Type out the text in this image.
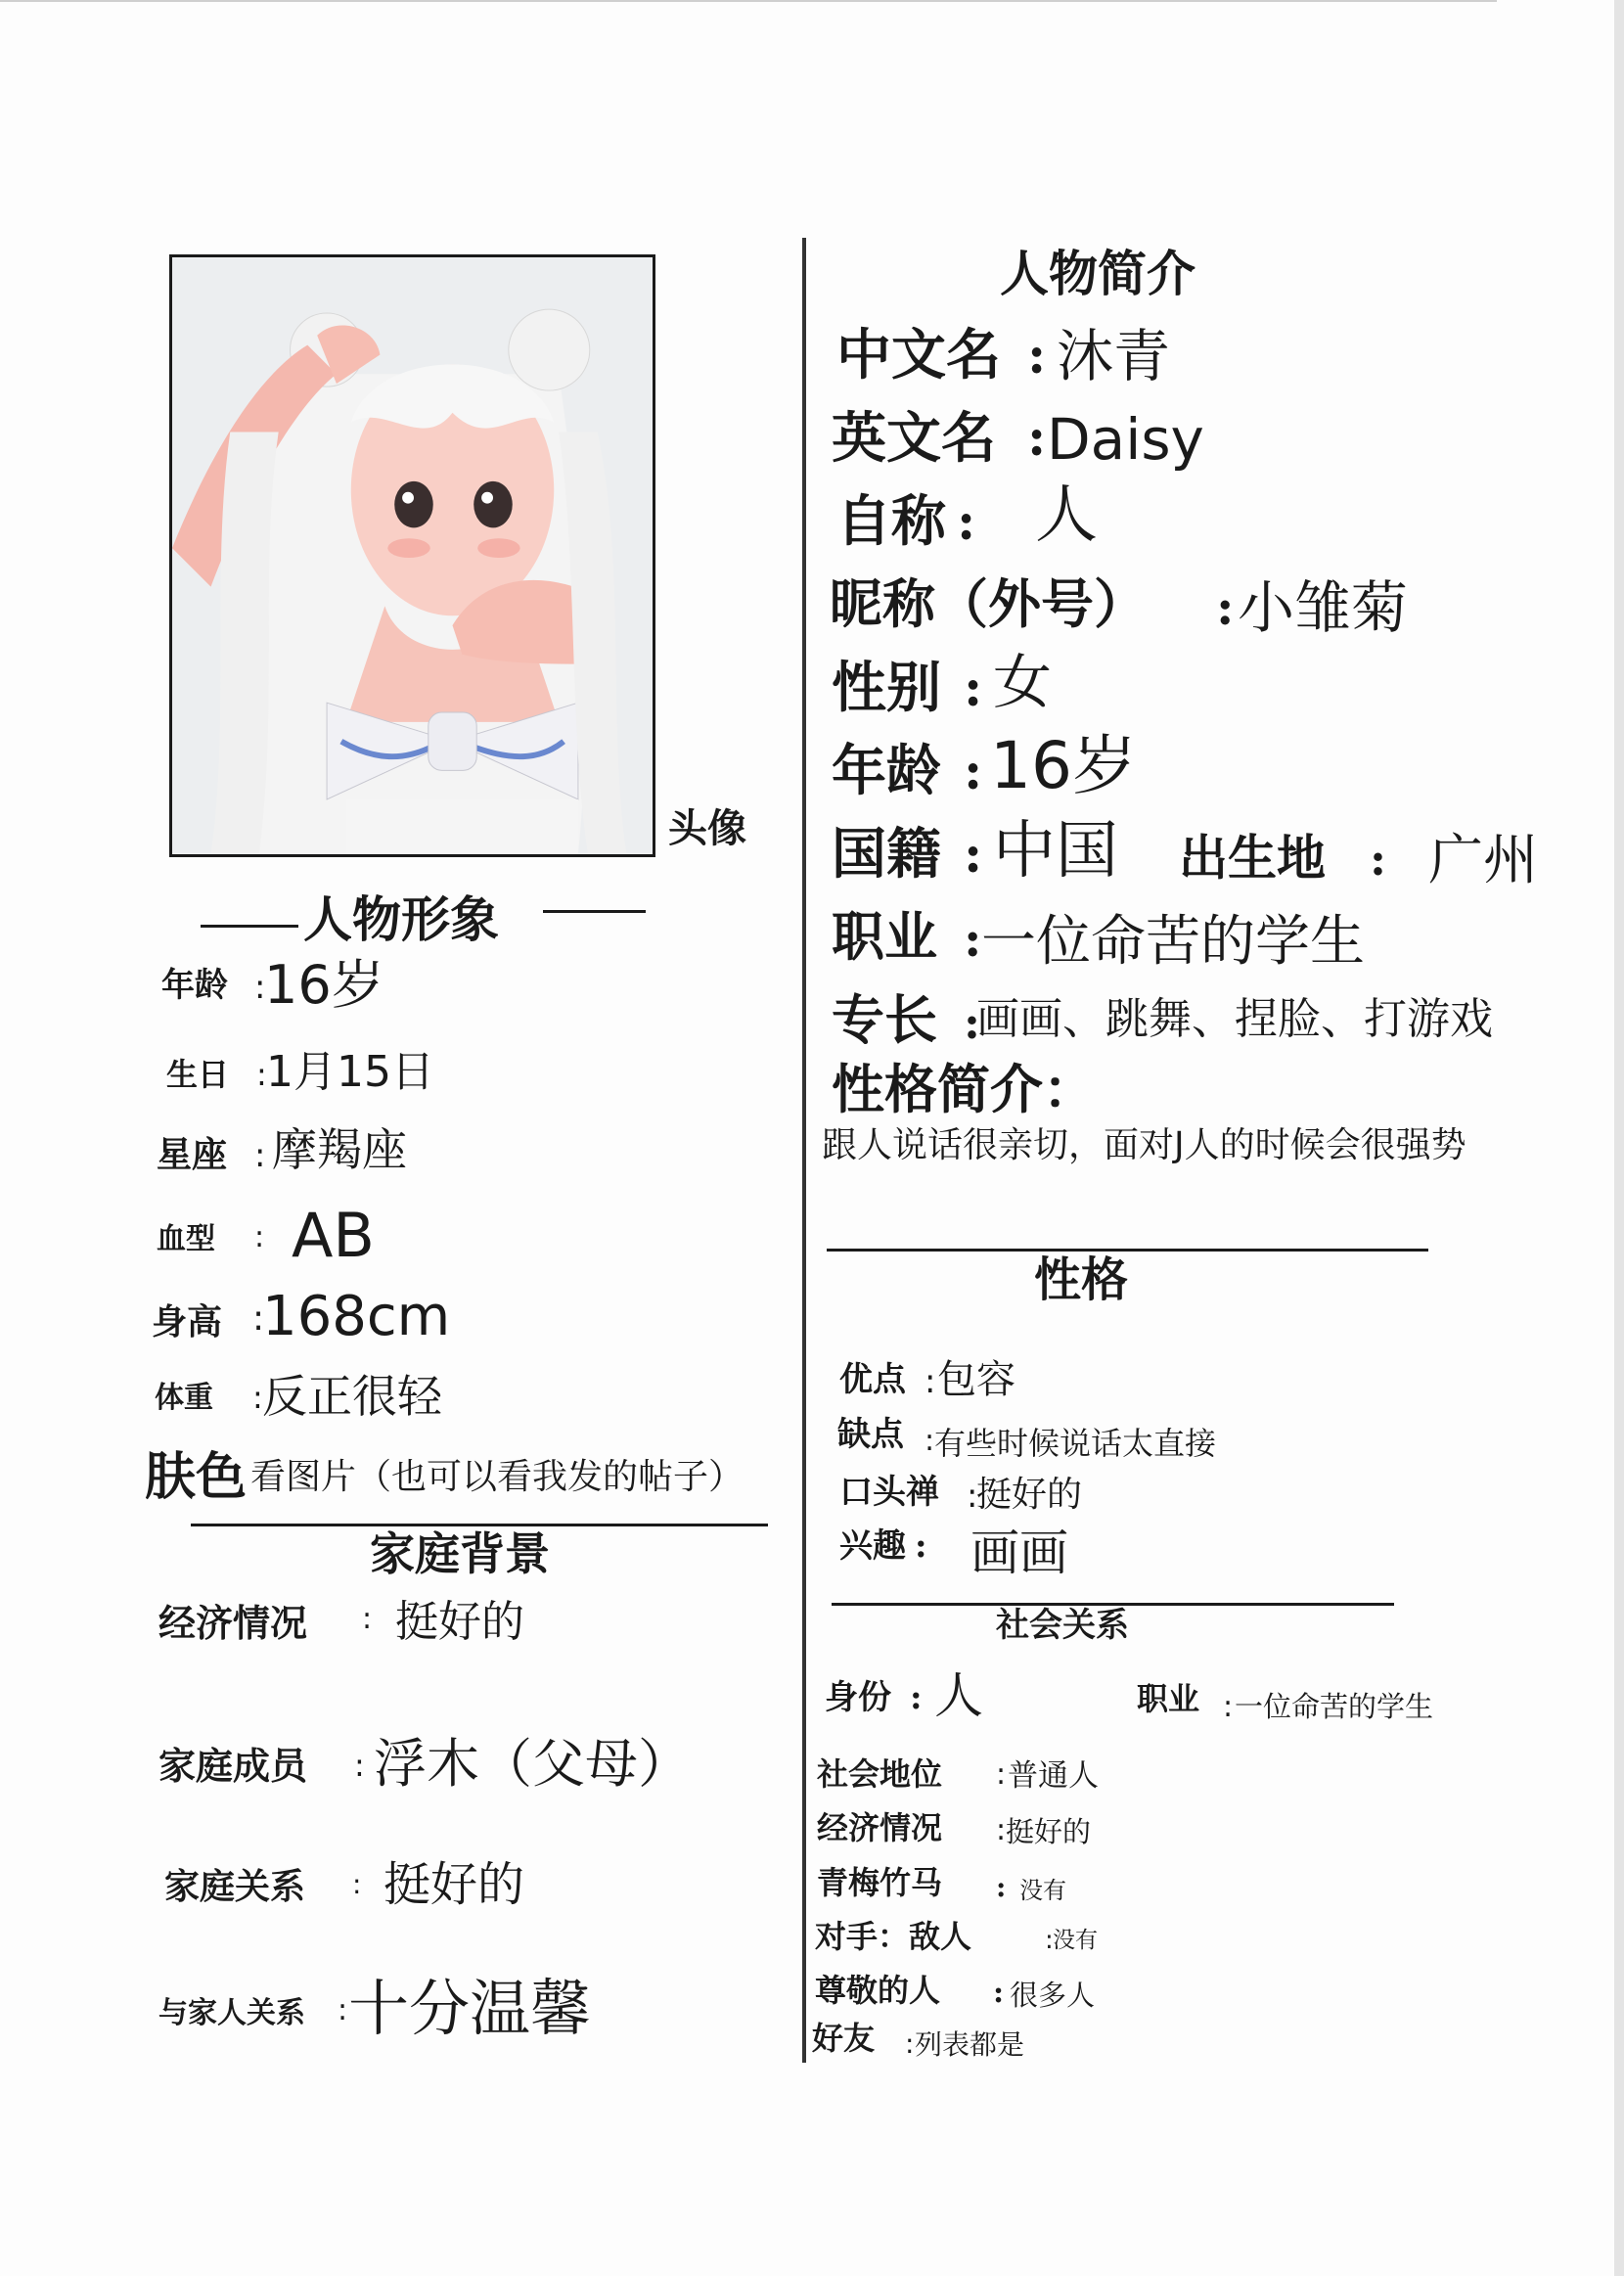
头像
人物形象
年龄 :
16岁
生日 : 1月15日
星座 : 摩羯座
血型 : AB
身高 :
168cm
体重 : 反正很轻
肤色 看图片（也可以看我发的帖子）
家庭背景
经济情况 : 挺好的
家庭成员 : 浮木（父母）
家庭关系 : 挺好的
与家人关系 : 十分温馨
人物简介
中文名 : 沐青
英文名 : Daisy
自称 : 人
昵称（外号） : 小雏菊
性别 : 女
年龄 : 16岁
国籍 : 中国 出生地 : 广州
职业 : 一位命苦的学生
专长 :
画画、跳舞、捏脸、打游戏
性格简介：
跟人说话很亲切，面对J人的时候会很强势
性格
优点 : 包容
缺点 : 有些时候说话太直接
口头禅 :
挺好的
兴趣 : 画画
社会关系
身份 : 人	职业 : 一位命苦的学生
社会地位 : 普通人
经济情况 : 挺好的
青梅竹马 : 没有
对手：敌人	: 没有
尊敬的人 : 很多人
好友 : 列表都是
